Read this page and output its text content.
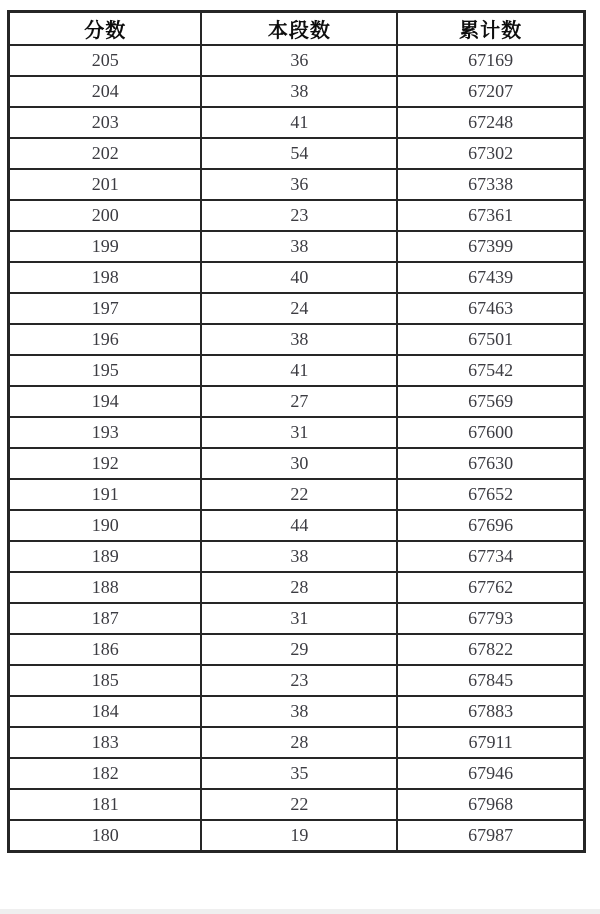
分数	本段数	累计数
205	36	67169
204	38	67207
203	41	67248
202	54	67302
201	36	67338
200	23	67361
199	38	67399
198	40	67439
197	24	67463
196	38	67501
195	41	67542
194	27	67569
193	31	67600
192	30	67630
191	22	67652
190	44	67696
189	38	67734
188	28	67762
187	31	67793
186	29	67822
185	23	67845
184	38	67883
183	28	67911
182	35	67946
181	22	67968
180	19	67987
